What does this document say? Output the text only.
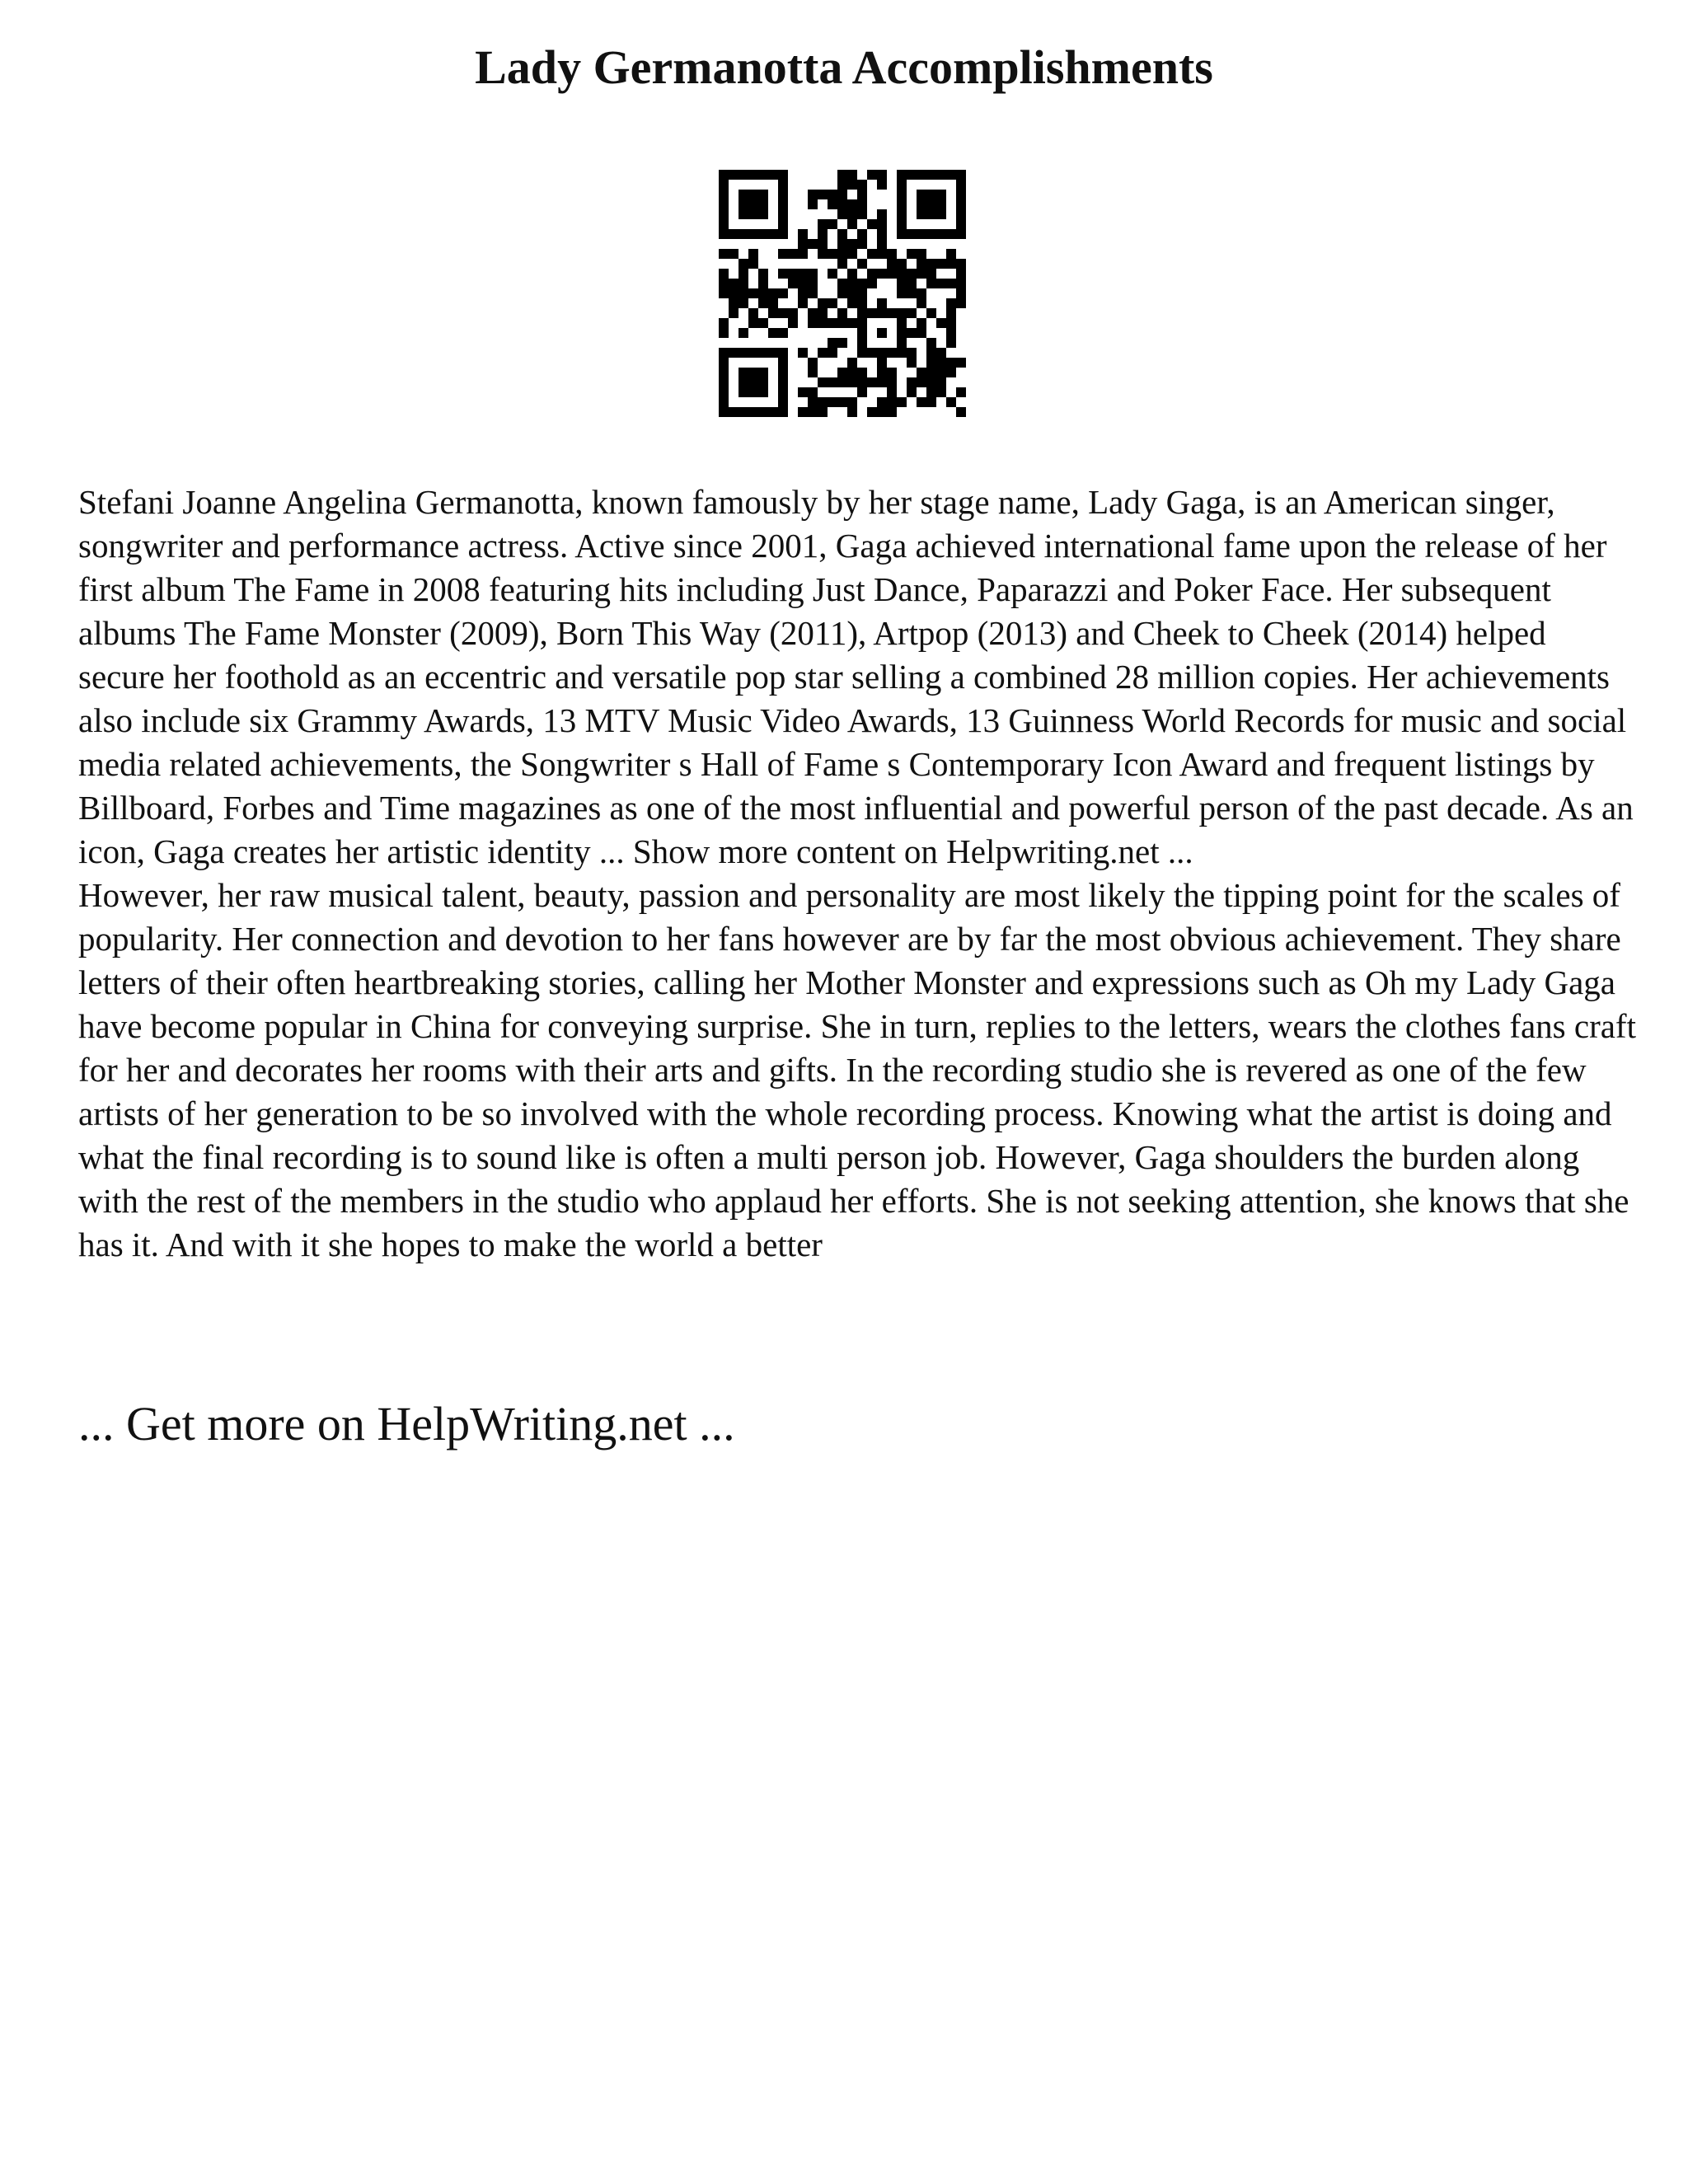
Lady Germanotta Accomplishments

Stefani Joanne Angelina Germanotta, known famously by her stage name, Lady Gaga, is an American singer, songwriter and performance actress. Active since 2001, Gaga achieved international fame upon the release of her first album The Fame in 2008 featuring hits including Just Dance, Paparazzi and Poker Face. Her subsequent albums The Fame Monster (2009), Born This Way (2011), Artpop (2013) and Cheek to Cheek (2014) helped secure her foothold as an eccentric and versatile pop star selling a combined 28 million copies. Her achievements also include six Grammy Awards, 13 MTV Music Video Awards, 13 Guinness World Records for music and social media related achievements, the Songwriter s Hall of Fame s Contemporary Icon Award and frequent listings by Billboard, Forbes and Time magazines as one of the most influential and powerful person of the past decade. As an icon, Gaga creates her artistic identity ... Show more content on Helpwriting.net ...

However, her raw musical talent, beauty, passion and personality are most likely the tipping point for the scales of popularity. Her connection and devotion to her fans however are by far the most obvious achievement. They share letters of their often heartbreaking stories, calling her Mother Monster and expressions such as Oh my Lady Gaga have become popular in China for conveying surprise. She in turn, replies to the letters, wears the clothes fans craft for her and decorates her rooms with their arts and gifts. In the recording studio she is revered as one of the few artists of her generation to be so involved with the whole recording process. Knowing what the artist is doing and what the final recording is to sound like is often a multi person job. However, Gaga shoulders the burden along with the rest of the members in the studio who applaud her efforts. She is not seeking attention, she knows that she has it. And with it she hopes to make the world a better

... Get more on HelpWriting.net ...
